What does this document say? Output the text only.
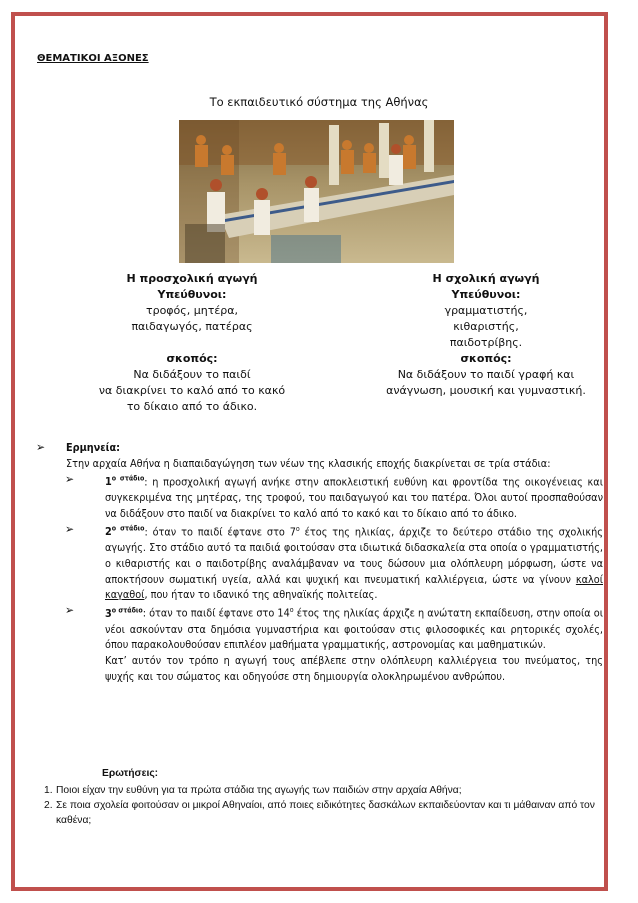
ΘΕΜΑΤΙΚΟΙ ΑΞΟΝΕΣ
Το εκπαιδευτικό σύστημα της Αθήνας
Η προσχολική αγωγή
Υπεύθυνοι:
τροφός, μητέρα,
παιδαγωγός, πατέρας
σκοπός:
Να διδάξουν το παιδί
να διακρίνει το καλό από το κακό
το δίκαιο από το άδικο.
Η σχολική αγωγή
Υπεύθυνοι:
γραμματιστής,
κιθαριστής,
παιδοτρίβης.
σκοπός:
Να διδάξουν το παιδί γραφή και
ανάγνωση, μουσική και γυμναστική.
➢ Ερμηνεία:
Στην αρχαία Αθήνα η διαπαιδαγώγηση των νέων της κλασικής εποχής διακρίνεται σε τρία στάδια:
➢	$1^{o \sigma\tau ά\delta\iota o}$: η προσχολική αγωγή ανήκε στην αποκλειστική ευθύνη και φροντίδα της οικογένειας και συγκεκριμένα της μητέρας, της τροφού, του παιδαγωγού και του πατέρα. Όλοι αυτοί προσπαθούσαν να διδάξουν στο παιδί να διακρίνει το καλό από το κακό και το δίκαιο από το άδικο.
➢	$2^{o \sigma\tau ά\delta\iota o}$: όταν το παιδί έφτανε στο $7^o$ έτος της ηλικίας, άρχιζε το δεύτερο στάδιο της σχολικής αγωγής. Στο στάδιο αυτό τα παιδιά φοιτούσαν στα ιδιωτικά διδασκαλεία στα οποία ο γραμματιστής, ο κιθαριστής και ο παιδοτρίβης αναλάμβαναν να τους δώσουν μια ολόπλευρη μόρφωση, ώστε να αποκτήσουν σωματική υγεία, αλλά και ψυχική και πνευματική καλλιέργεια, ώστε να γίνουν καλοί καγαθοί, που ήταν το ιδανικό της αθηναϊκής πολιτείας.
➢	$3^{o \sigma\tau ά\delta\iota o}$: όταν το παιδί έφτανε στο $14^o$ έτος της ηλικίας άρχιζε η ανώτατη εκπαίδευση, στην οποία οι νέοι ασκούνταν στα δημόσια γυμναστήρια και φοιτούσαν στις φιλοσοφικές και ρητορικές σχολές, όπου παρακολουθούσαν επιπλέον μαθήματα γραμματικής, αστρονομίας και μαθηματικών.
Κατ’ αυτόν τον τρόπο η αγωγή τους απέβλεπε στην ολόπλευρη καλλιέργεια του πνεύματος, της ψυχής και του σώματος και οδηγούσε στη δημιουργία ολοκληρωμένου ανθρώπου.
Ερωτήσεις:
1. Ποιοι είχαν την ευθύνη για τα πρώτα στάδια της αγωγής των παιδιών στην αρχαία Αθήνα;
2. Σε ποια σχολεία φοιτούσαν οι μικροί Αθηναίοι, από ποιες ειδικότητες δασκάλων εκπαιδεύονταν και τι μάθαιναν από τον καθένα;
